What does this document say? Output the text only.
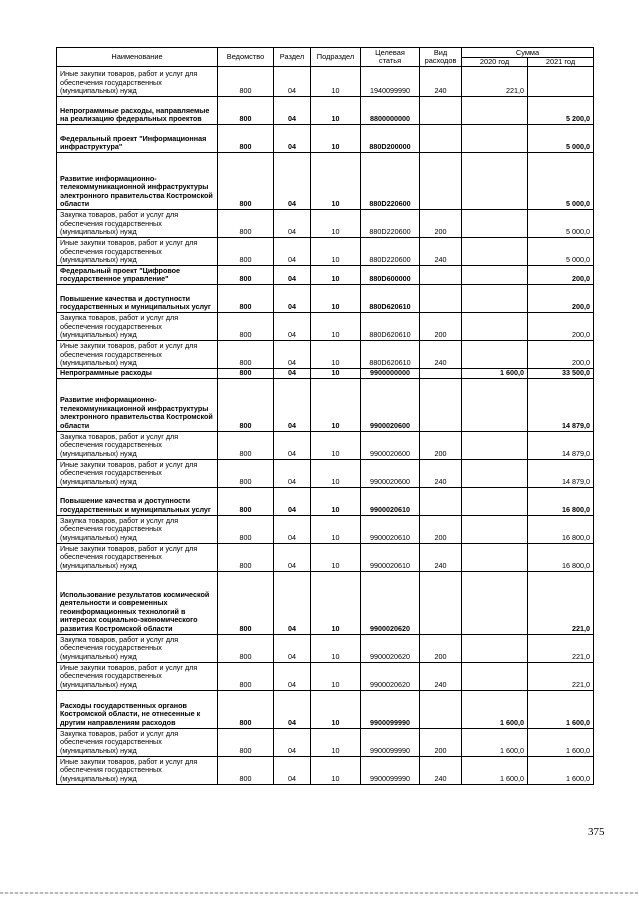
Наименование	Ведомство	Раздел	Подраздел	Целевая статья	Вид расходов	Сумма	
						2020 год	2021 год
Иные закупки товаров, работ и услуг для обеспечения государственных (муниципальных) нужд	800	04	10	1940099990	240	221,0	
Непрограммные расходы, направляемые на реализацию федеральных проектов	800	04	10	8800000000			5 200,0
Федеральный проект "Информационная инфраструктура"	800	04	10	880D200000			5 000,0
Развитие информационно-телекоммуникационной инфраструктуры электронного правительства Костромской области	800	04	10	880D220600			5 000,0
Закупка товаров, работ и услуг для обеспечения государственных (муниципальных) нужд	800	04	10	880D220600	200		5 000,0
Иные закупки товаров, работ и услуг для обеспечения государственных (муниципальных) нужд	800	04	10	880D220600	240		5 000,0
Федеральный проект "Цифровое государственное управление"	800	04	10	880D600000			200,0
Повышение качества и доступности государственных и муниципальных услуг	800	04	10	880D620610			200,0
Закупка товаров, работ и услуг для обеспечения государственных (муниципальных) нужд	800	04	10	880D620610	200		200,0
Иные закупки товаров, работ и услуг для обеспечения государственных (муниципальных) нужд	800	04	10	880D620610	240		200,0
Непрограммные расходы	800	04	10	9900000000		1 600,0	33 500,0
Развитие информационно-телекоммуникационной инфраструктуры электронного правительства Костромской области	800	04	10	9900020600			14 879,0
Закупка товаров, работ и услуг для обеспечения государственных (муниципальных) нужд	800	04	10	9900020600	200		14 879,0
Иные закупки товаров, работ и услуг для обеспечения государственных (муниципальных) нужд	800	04	10	9900020600	240		14 879,0
Повышение качества и доступности государственных и муниципальных услуг	800	04	10	9900020610			16 800,0
Закупка товаров, работ и услуг для обеспечения государственных (муниципальных) нужд	800	04	10	9900020610	200		16 800,0
Иные закупки товаров, работ и услуг для обеспечения государственных (муниципальных) нужд	800	04	10	9900020610	240		16 800,0
Использование результатов космической деятельности и современных геоинформационных технологий в интересах социально-экономического развития Костромской области	800	04	10	9900020620			221,0
Закупка товаров, работ и услуг для обеспечения государственных (муниципальных) нужд	800	04	10	9900020620	200		221,0
Иные закупки товаров, работ и услуг для обеспечения государственных (муниципальных) нужд	800	04	10	9900020620	240		221,0
Расходы государственных органов Костромской области, не отнесенные к другим направлениям расходов	800	04	10	9900099990		1 600,0	1 600,0
Закупка товаров, работ и услуг для обеспечения государственных (муниципальных) нужд	800	04	10	9900099990	200	1 600,0	1 600,0
Иные закупки товаров, работ и услуг для обеспечения государственных (муниципальных) нужд	800	04	10	9900099990	240	1 600,0	1 600,0
375
